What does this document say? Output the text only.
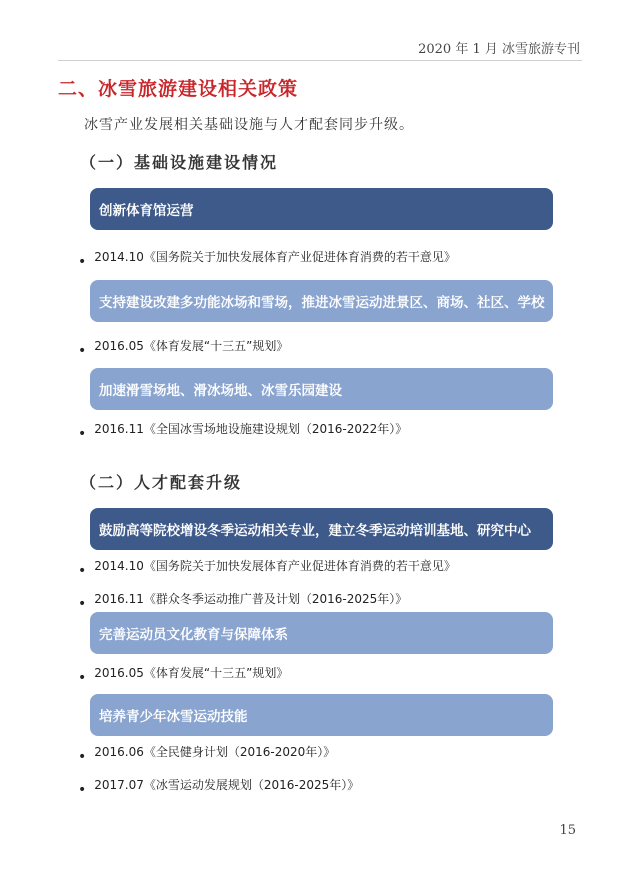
2020 年 1 月 冰雪旅游专刊
二、冰雪旅游建设相关政策
冰雪产业发展相关基础设施与人才配套同步升级。
（一）基础设施建设情况
创新体育馆运营
• 2014.10《国务院关于加快发展体育产业促进体育消费的若干意见》
支持建设改建多功能冰场和雪场，推进冰雪运动进景区、商场、社区、学校
• 2016.05《体育发展“十三五”规划》
加速滑雪场地、滑冰场地、冰雪乐园建设
• 2016.11《全国冰雪场地设施建设规划（2016-2022年）》
（二）人才配套升级
鼓励高等院校增设冬季运动相关专业，建立冬季运动培训基地、研究中心
• 2014.10《国务院关于加快发展体育产业促进体育消费的若干意见》
• 2016.11《群众冬季运动推广普及计划（2016-2025年）》
完善运动员文化教育与保障体系
• 2016.05《体育发展“十三五”规划》
培养青少年冰雪运动技能
• 2016.06《全民健身计划（2016-2020年）》
• 2017.07《冰雪运动发展规划（2016-2025年）》
15
